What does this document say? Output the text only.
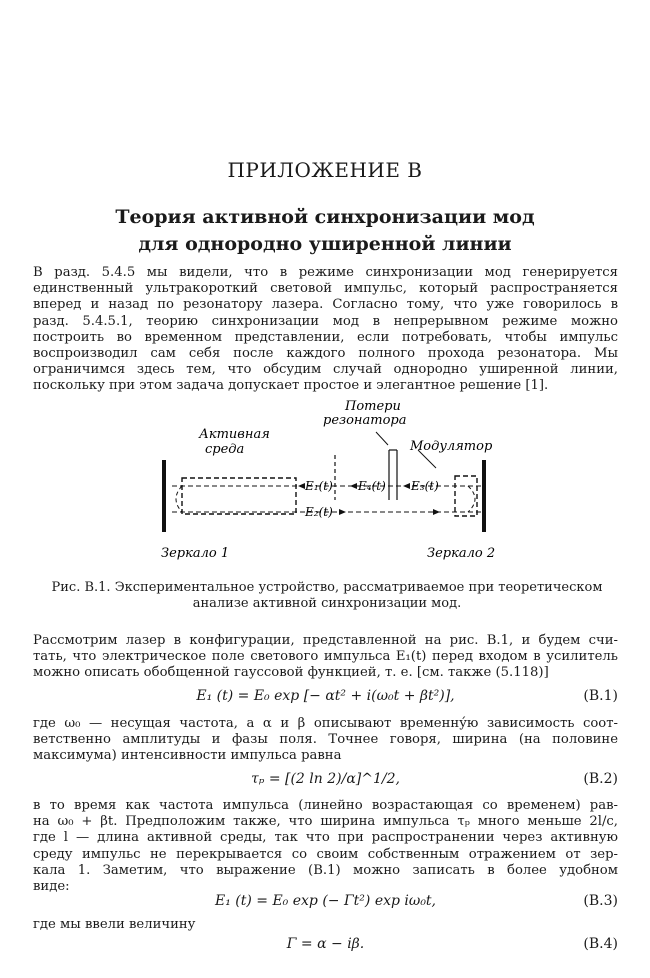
ПРИЛОЖЕНИЕ В
Теория активной синхронизации мод
для однородно уширенной линии
В разд. 5.4.5 мы видели, что в режиме синхронизации мод генерируется
единственный ультракороткий световой импульс, который распространяется
вперед и назад по резонатору лазера. Согласно тому, что уже говорилось в
разд. 5.4.5.1, теорию синхронизации мод в непрерывном режиме можно
построить во временном представлении, если потребовать, чтобы импульс
воспроизводил сам себя после каждого полного прохода резонатора. Мы
ограничимся здесь тем, что обсудим случай однородно уширенной линии,
поскольку при этом задача допускает простое и элегантное решение [1].
Потери
резонатора
Активная
среда	Модулятор
E₁(t) E₄(t) E₃(t)
E₂(t)
Зеркало 1	Зеркало 2
Рис. В.1. Экспериментальное устройство, рассматриваемое при теоретическом
анализе активной синхронизации мод.
Рассмотрим лазер в конфигурации, представленной на рис. В.1, и будем счи-
тать, что электрическое поле светового импульса E₁(t) перед входом в усилитель
можно описать обобщенной гауссовой функцией, т. е. [см. также (5.118)]
E₁ (t) = E₀ exp [− αt² + i(ω₀t + βt²)],	(В.1)
где ω₀ — несущая частота, а α и β описывают временну́ю зависимость соот-
ветственно амплитуды и фазы поля. Точнее говоря, ширина (на половине
максимума) интенсивности импульса равна
τₚ = [(2 ln 2)/α]^1/2,	(В.2)
в то время как частота импульса (линейно возрастающая со временем) рав-
на ω₀ + βt. Предположим также, что ширина импульса τₚ много меньше 2l/c,
где l — длина активной среды, так что при распространении через активную
среду импульс не перекрывается со своим собственным отражением от зер-
кала 1. Заметим, что выражение (В.1) можно записать в более удобном
виде:
E₁ (t) = E₀ exp (− Γt²) exp iω₀t,	(В.3)
где мы ввели величину
Γ = α − iβ.	(В.4)
